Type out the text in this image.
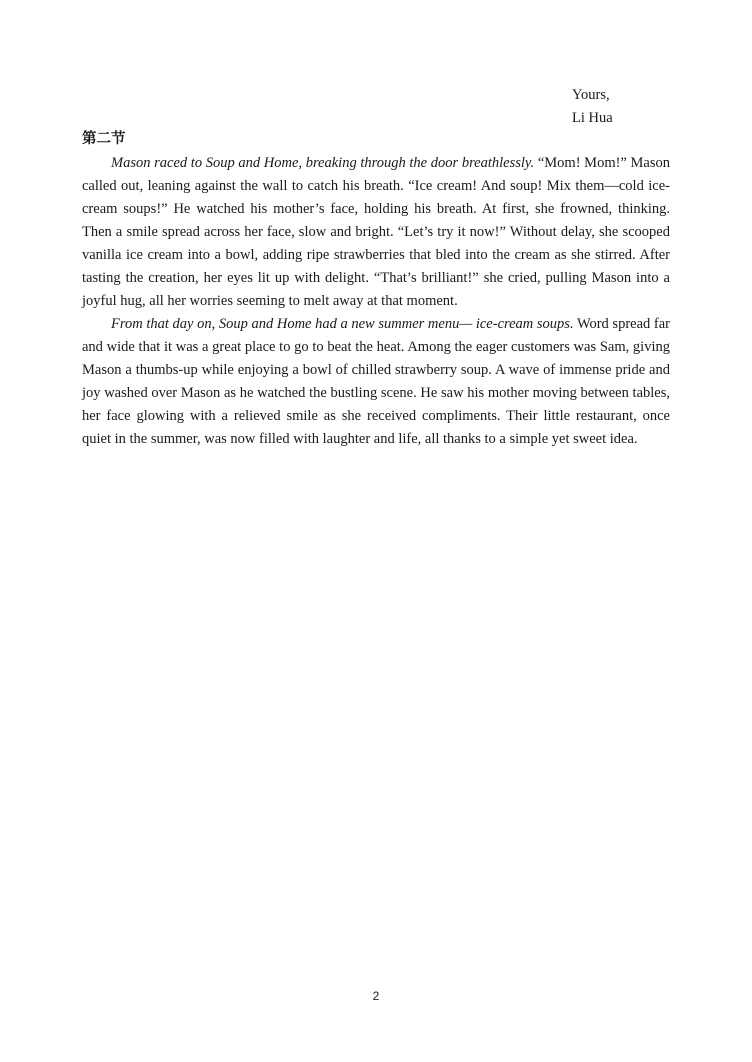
Yours,
Li Hua
第二节

Mason raced to Soup and Home, breaking through the door breathlessly. “Mom! Mom!” Mason called out, leaning against the wall to catch his breath. “Ice cream! And soup! Mix them—cold ice-cream soups!” He watched his mother’s face, holding his breath. At first, she frowned, thinking. Then a smile spread across her face, slow and bright. “Let’s try it now!” Without delay, she scooped vanilla ice cream into a bowl, adding ripe strawberries that bled into the cream as she stirred. After tasting the creation, her eyes lit up with delight. “That’s brilliant!” she cried, pulling Mason into a joyful hug, all her worries seeming to melt away at that moment.

From that day on, Soup and Home had a new summer menu— ice-cream soups. Word spread far and wide that it was a great place to go to beat the heat. Among the eager customers was Sam, giving Mason a thumbs-up while enjoying a bowl of chilled strawberry soup. A wave of immense pride and joy washed over Mason as he watched the bustling scene. He saw his mother moving between tables, her face glowing with a relieved smile as she received compliments. Their little restaurant, once quiet in the summer, was now filled with laughter and life, all thanks to a simple yet sweet idea.

2
